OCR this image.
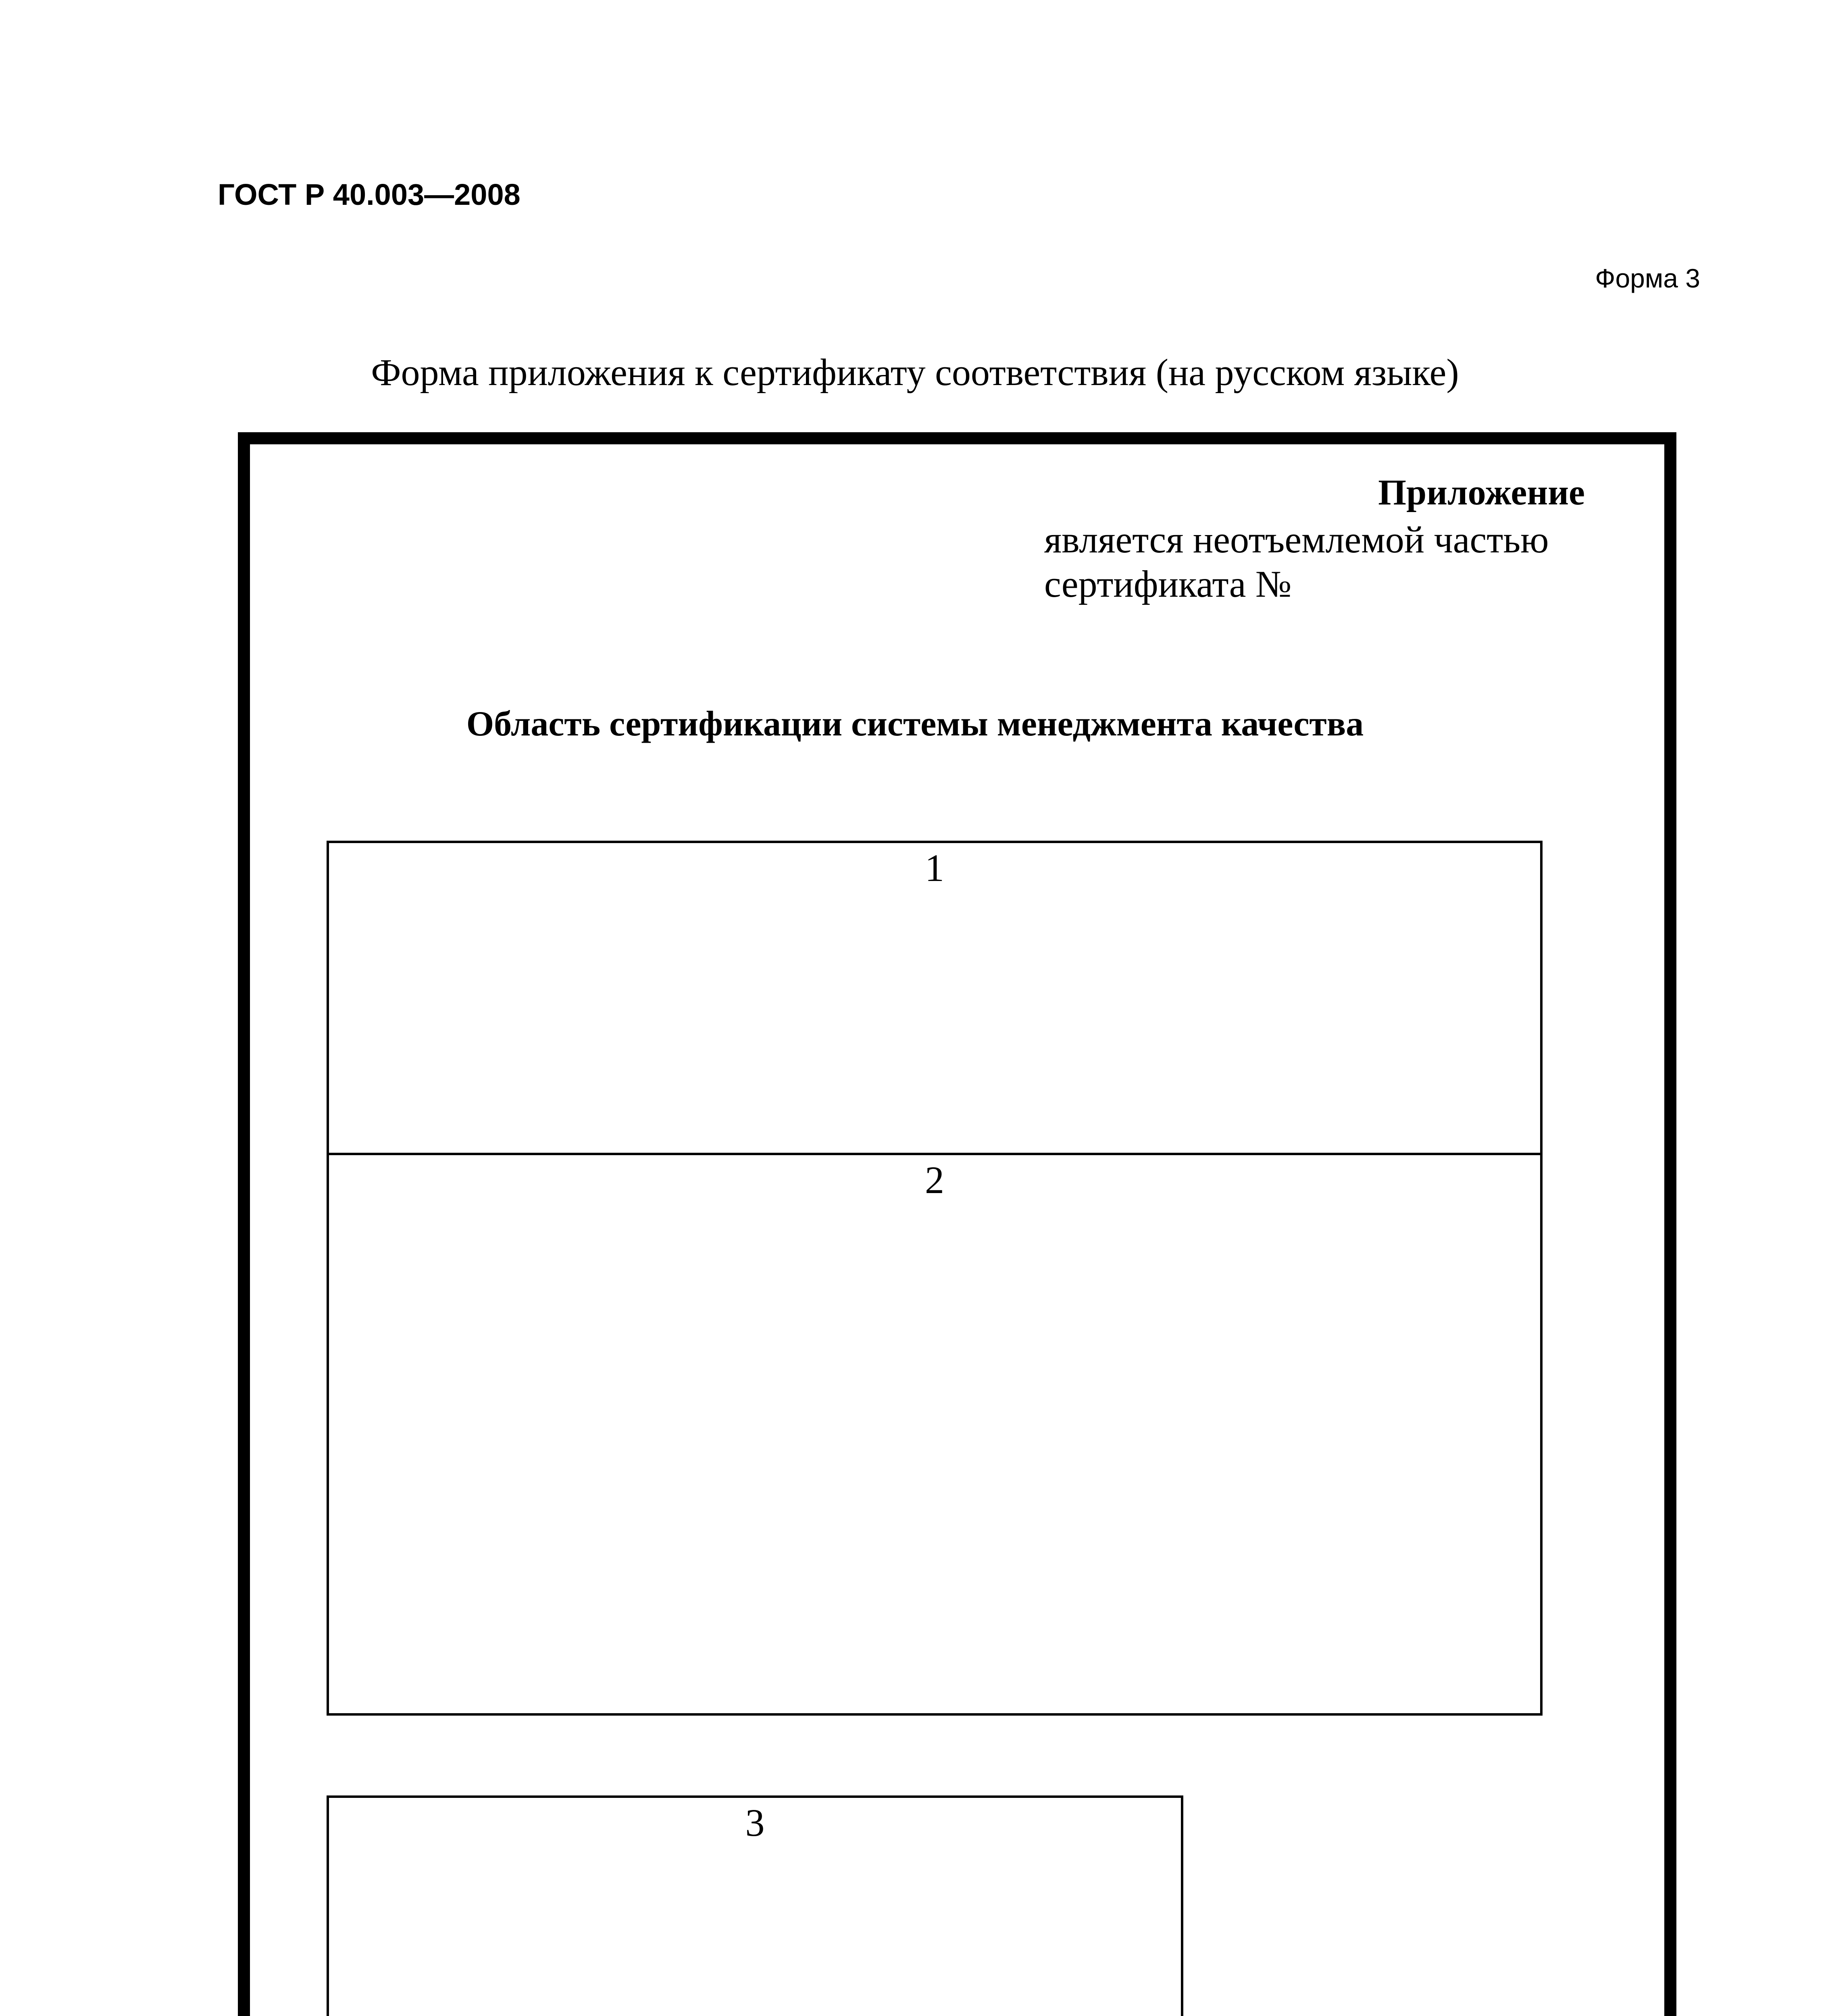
ГОСТ Р 40.003—2008
Форма 3
Форма приложения к сертификату соответствия (на русском языке)
Приложение
является неотъемлемой частью
сертификата №
Область сертификации системы менеджмента качества
1
2
3
